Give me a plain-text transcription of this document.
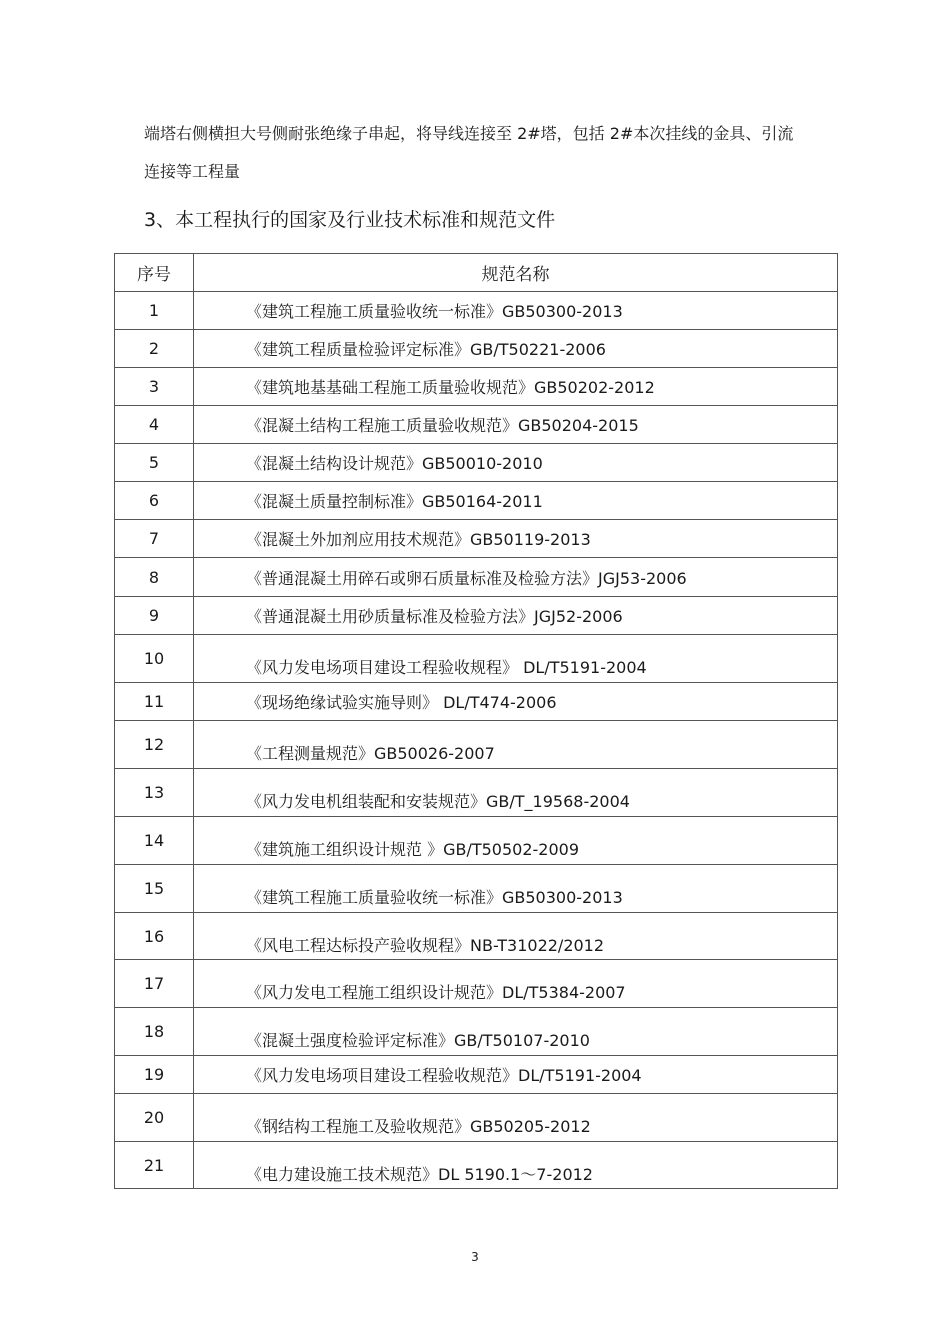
端塔右侧横担大号侧耐张绝缘子串起，将导线连接至 2#塔，包括 2#本次挂线的金具、引流
连接等工程量
3、本工程执行的国家及行业技术标准和规范文件
序号	规范名称
1	《建筑工程施工质量验收统一标准》GB50300-2013
2	《建筑工程质量检验评定标准》GB/T50221-2006
3	《建筑地基基础工程施工质量验收规范》GB50202-2012
4	《混凝土结构工程施工质量验收规范》GB50204-2015
5	《混凝土结构设计规范》GB50010-2010
6	《混凝土质量控制标准》GB50164-2011
7	《混凝土外加剂应用技术规范》GB50119-2013
8	《普通混凝土用碎石或卵石质量标准及检验方法》JGJ53-2006
9	《普通混凝土用砂质量标准及检验方法》JGJ52-2006
10	《风力发电场项目建设工程验收规程》 DL/T5191-2004
11	《现场绝缘试验实施导则》 DL/T474-2006
12	《工程测量规范》GB50026-2007
13	《风力发电机组装配和安装规范》GB/T_19568-2004
14	《建筑施工组织设计规范 》GB/T50502-2009
15	《建筑工程施工质量验收统一标准》GB50300-2013
16	《风电工程达标投产验收规程》NB-T31022/2012
17	《风力发电工程施工组织设计规范》DL/T5384-2007
18	《混凝土强度检验评定标准》GB/T50107-2010
19	《风力发电场项目建设工程验收规范》DL/T5191-2004
20	《钢结构工程施工及验收规范》GB50205-2012
21	《电力建设施工技术规范》DL 5190.1～7-2012
3
